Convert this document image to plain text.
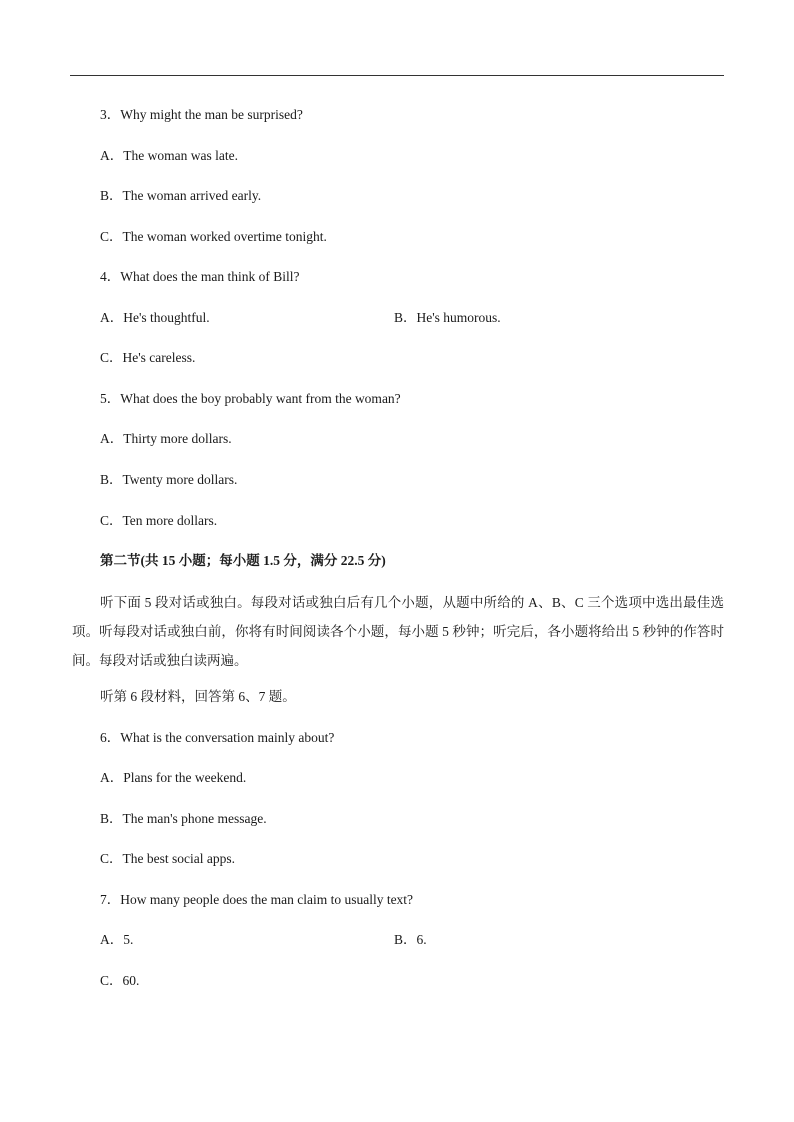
3．Why might the man be surprised?
A．The woman was late.
B．The woman arrived early.
C．The woman worked overtime tonight.
4．What does the man think of Bill?
A．He's thoughtful.	B．He's humorous.
C．He's careless.
5．What does the boy probably want from the woman?
A．Thirty more dollars.
B．Twenty more dollars.
C．Ten more dollars.
第二节(共 15 小题；每小题 1.5 分，满分 22.5 分)
听下面 5 段对话或独白。每段对话或独白后有几个小题，从题中所给的 A、B、C 三个选项中选出最佳选项。听每段对话或独白前，你将有时间阅读各个小题，每小题 5 秒钟；听完后，各小题将给出 5 秒钟的作答时间。每段对话或独白读两遍。
听第 6 段材料，回答第 6、7 题。
6．What is the conversation mainly about?
A．Plans for the weekend.
B．The man's phone message.
C．The best social apps.
7．How many people does the man claim to usually text?
A．5.	B．6.
C．60.
